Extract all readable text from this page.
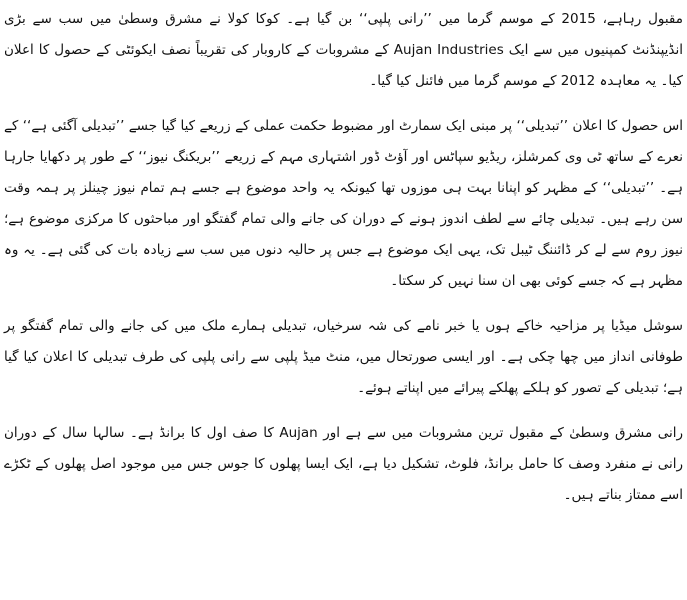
مقبول رہاہے، 2015 کے موسم گرما میں ’’رانی پلپی‘‘ بن گیا ہے۔ کوکا کولا نے مشرق وسطیٰ میں سب سے بڑی انڈیپنڈنٹ کمپنیوں میں سے ایک Aujan Industries کے مشروبات کے کاروبار کی تقریباً نصف ایکوئٹی کے حصول کا اعلان کیا۔ یہ معاہدہ 2012 کے موسم گرما میں فائنل کیا گیا۔

اس حصول کا اعلان ’’تبدیلی‘‘ پر مبنی ایک سمارٹ اور مضبوط حکمت عملی کے زریعے کیا گیا جسے ’’تبدیلی آگئی ہے‘‘ کے نعرے کے ساتھ ٹی وی کمرشلز، ریڈیو سپاٹس اور آؤٹ ڈور اشتہاری مہم کے زریعے ’’بریکنگ نیوز‘‘ کے طور پر دکھایا جارہا ہے۔ ’’تبدیلی‘‘ کے مظہر کو اپنانا بہت ہی موزوں تھا کیونکہ یہ واحد موضوع ہے جسے ہم تمام نیوز چینلز پر ہمہ وقت سن رہے ہیں۔ تبدیلی چائے سے لطف اندوز ہونے کے دوران کی جانے والی تمام گفتگو اور مباحثوں کا مرکزی موضوع ہے؛ نیوز روم سے لے کر ڈائننگ ٹیبل تک، یہی ایک موضوع ہے جس پر حالیہ دنوں میں سب سے زیادہ بات کی گئی ہے۔ یہ وہ مظہر ہے کہ جسے کوئی بھی ان سنا نہیں کر سکتا۔

سوشل میڈیا پر مزاحیہ خاکے ہوں یا خبر نامے کی شہ سرخیاں، تبدیلی ہمارے ملک میں کی جانے والی تمام گفتگو پر طوفانی انداز میں چھا چکی ہے۔ اور ایسی صورتحال میں، منٹ میڈ پلپی سے رانی پلپی کی طرف تبدیلی کا اعلان کیا گیا ہے؛ تبدیلی کے تصور کو ہلکے پھلکے پیرائے میں اپناتے ہوئے۔

رانی مشرق وسطیٰ کے مقبول ترین مشروبات میں سے ہے اور Aujan کا صف اول کا برانڈ ہے۔ سالہا سال کے دوران رانی نے منفرد وصف کا حامل برانڈ، فلوٹ، تشکیل دیا ہے، ایک ایسا پھلوں کا جوس جس میں موجود اصل پھلوں کے ٹکڑے اسے ممتاز بناتے ہیں۔
